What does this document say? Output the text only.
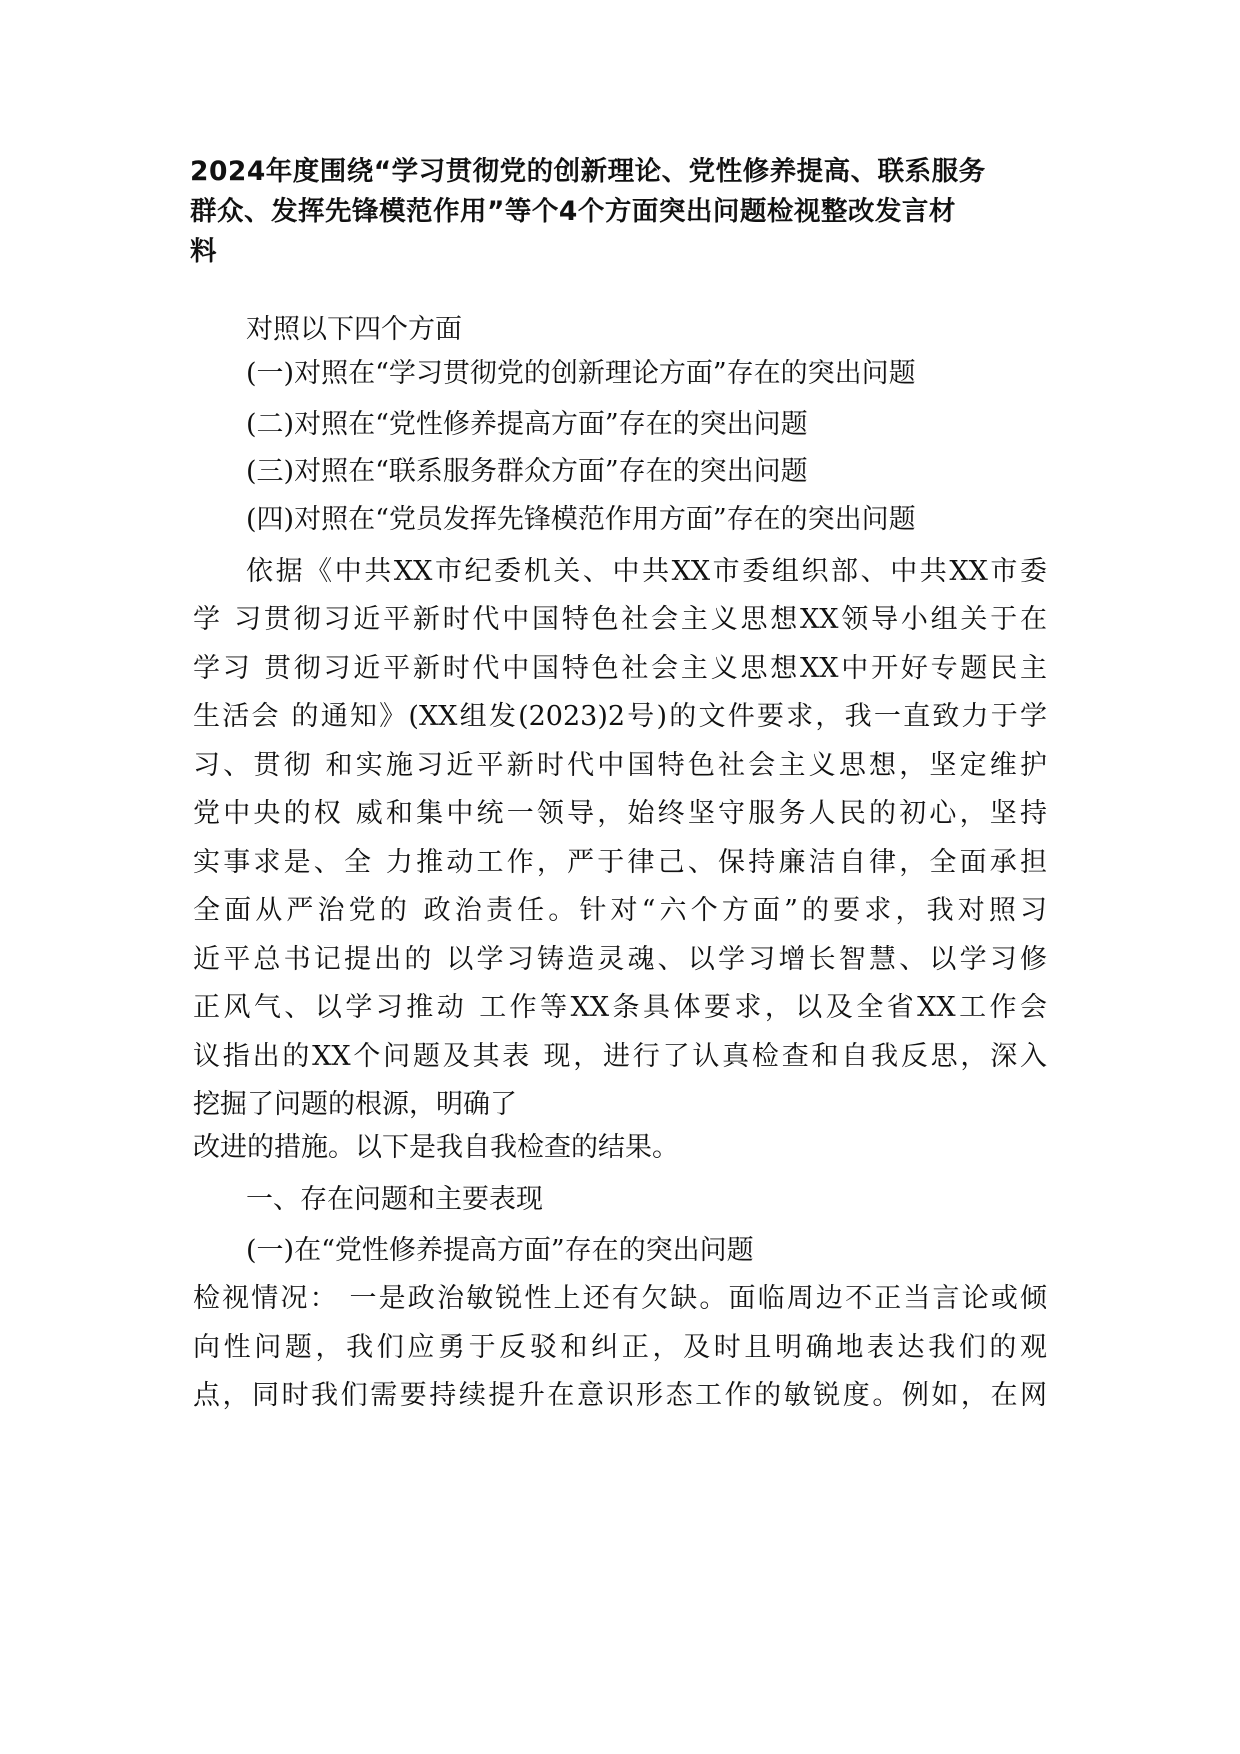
2024年度围绕“学习贯彻党的创新理论、党性修养提高、联系服务
群众、发挥先锋模范作用”等个4个方面突出问题检视整改发言材
料
对照以下四个方面
(一)对照在“学习贯彻党的创新理论方面”存在的突出问题
(二)对照在“党性修养提高方面”存在的突出问题
(三)对照在“联系服务群众方面”存在的突出问题
(四)对照在“党员发挥先锋模范作用方面”存在的突出问题
依据《中共XX市纪委机关、中共XX市委组织部、中共XX市委
学 习贯彻习近平新时代中国特色社会主义思想XX领导小组关于在
学习 贯彻习近平新时代中国特色社会主义思想XX中开好专题民主
生活会 的通知》(XX组发(2023)2号)的文件要求，我一直致力于学
习、贯彻 和实施习近平新时代中国特色社会主义思想，坚定维护
党中央的权 威和集中统一领导，始终坚守服务人民的初心，坚持
实事求是、全 力推动工作，严于律己、保持廉洁自律，全面承担
全面从严治党的 政治责任。针对“六个方面”的要求，我对照习
近平总书记提出的 以学习铸造灵魂、以学习增长智慧、以学习修
正风气、以学习推动 工作等XX条具体要求，以及全省XX工作会
议指出的XX个问题及其表 现，进行了认真检查和自我反思，深入
挖掘了问题的根源，明确了
改进的措施。以下是我自我检查的结果。
一、存在问题和主要表现
(一)在“党性修养提高方面”存在的突出问题
检视情况： 一是政治敏锐性上还有欠缺。面临周边不正当言论或倾
向性问题，我们应勇于反驳和纠正，及时且明确地表达我们的观
点，同时我们需要持续提升在意识形态工作的敏锐度。例如，在网
